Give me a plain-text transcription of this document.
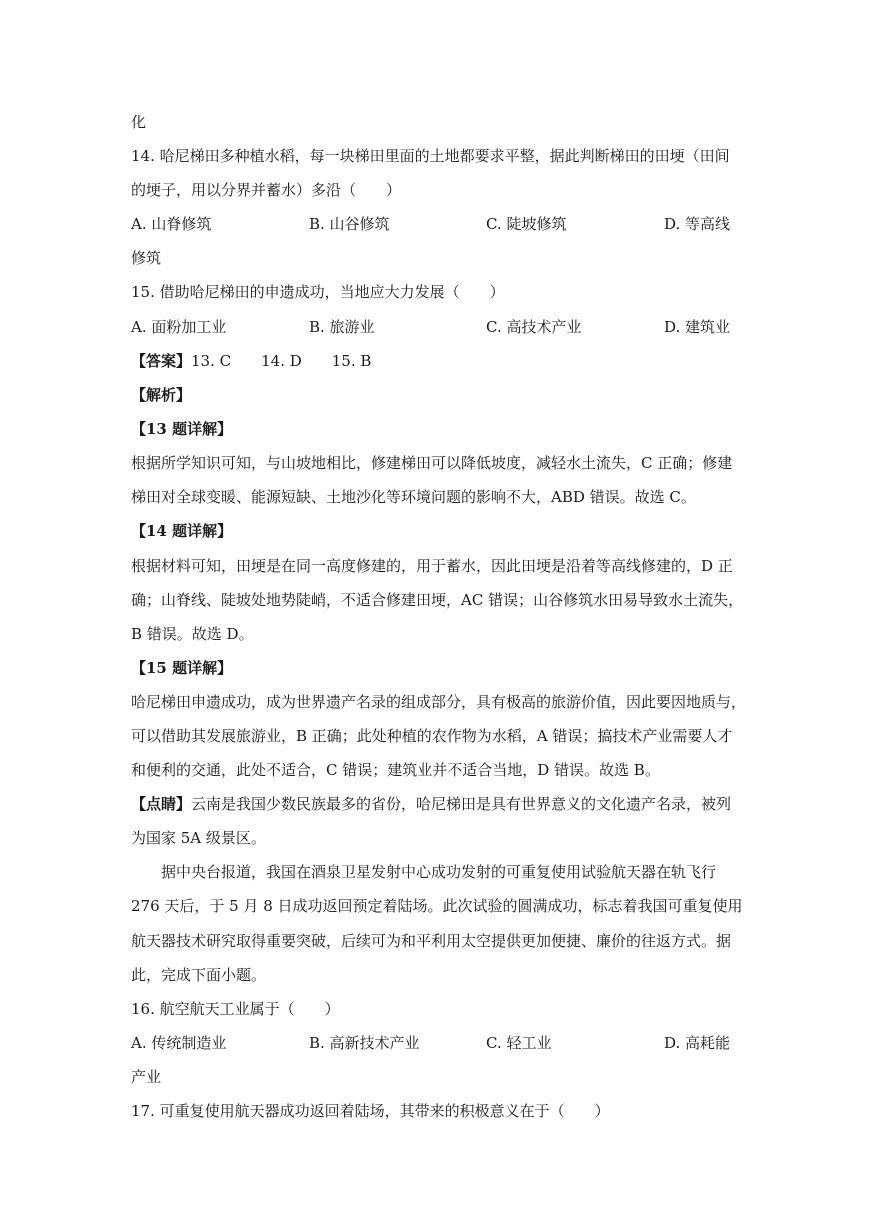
化
14. 哈尼梯田多种植水稻，每一块梯田里面的土地都要求平整，据此判断梯田的田埂（田间
的埂子，用以分界并蓄水）多沿（　　）
A. 山脊修筑	B. 山谷修筑	C. 陡坡修筑	D. 等高线
修筑
15. 借助哈尼梯田的申遗成功，当地应大力发展（　　）
A. 面粉加工业	B. 旅游业	C. 高技术产业	D. 建筑业
【答案】13. C　　14. D　　15. B
【解析】
【13 题详解】
根据所学知识可知，与山坡地相比，修建梯田可以降低坡度，减轻水土流失，C 正确；修建
梯田对全球变暖、能源短缺、土地沙化等环境问题的影响不大，ABD 错误。故选 C。
【14 题详解】
根据材料可知，田埂是在同一高度修建的，用于蓄水，因此田埂是沿着等高线修建的，D 正
确；山脊线、陡坡处地势陡峭，不适合修建田埂，AC 错误；山谷修筑水田易导致水土流失，
B 错误。故选 D。
【15 题详解】
哈尼梯田申遗成功，成为世界遗产名录的组成部分，具有极高的旅游价值，因此要因地质与，
可以借助其发展旅游业，B 正确；此处种植的农作物为水稻，A 错误；搞技术产业需要人才
和便利的交通，此处不适合，C 错误；建筑业并不适合当地，D 错误。故选 B。
【点睛】云南是我国少数民族最多的省份，哈尼梯田是具有世界意义的文化遗产名录，被列
为国家 5A 级景区。
据中央台报道，我国在酒泉卫星发射中心成功发射的可重复使用试验航天器在轨飞行
276 天后，于 5 月 8 日成功返回预定着陆场。此次试验的圆满成功，标志着我国可重复使用
航天器技术研究取得重要突破，后续可为和平利用太空提供更加便捷、廉价的往返方式。据
此，完成下面小题。
16. 航空航天工业属于（　　）
A. 传统制造业	B. 高新技术产业	C. 轻工业	D. 高耗能
产业
17. 可重复使用航天器成功返回着陆场，其带来的积极意义在于（　　）
